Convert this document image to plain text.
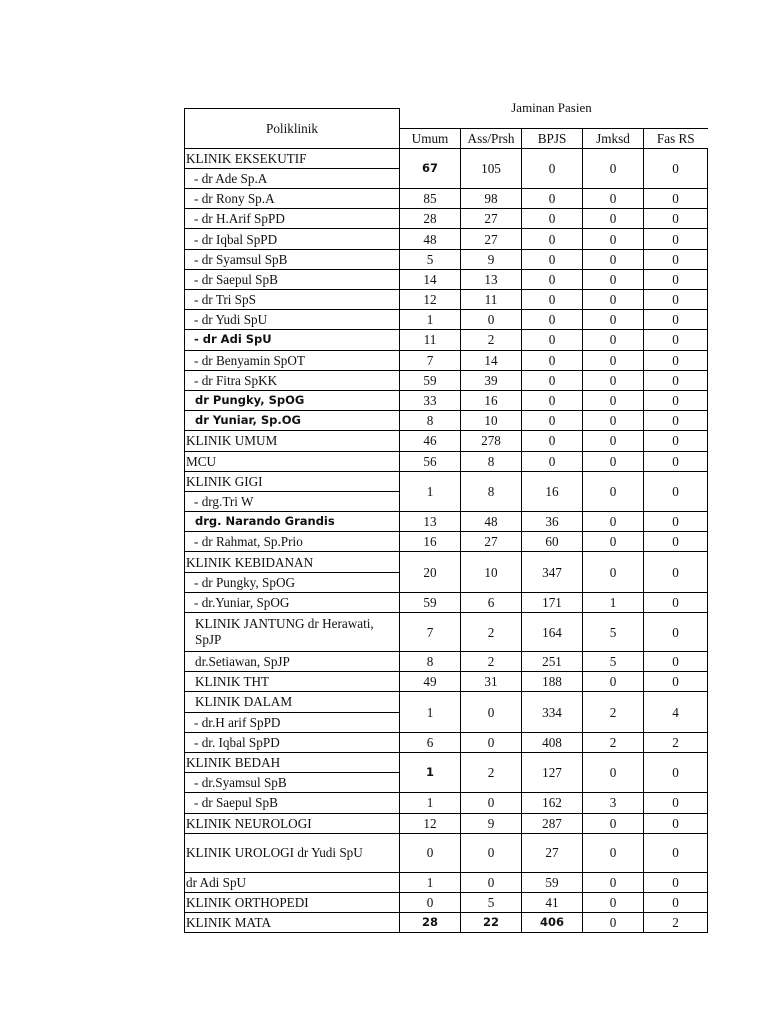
Jaminan Pasien
Poliklinik					
	Umum	Ass/Prsh	BPJS	Jmksd	Fas RS
KLINIK EKSEKUTIF	67	105	0	0	0
- dr Ade Sp.A					
- dr Rony Sp.A	85	98	0	0	0
- dr H.Arif SpPD	28	27	0	0	0
- dr Iqbal SpPD	48	27	0	0	0
- dr Syamsul SpB	5	9	0	0	0
- dr Saepul SpB	14	13	0	0	0
- dr Tri SpS	12	11	0	0	0
- dr Yudi SpU	1	0	0	0	0
- dr Adi SpU	11	2	0	0	0
- dr Benyamin SpOT	7	14	0	0	0
- dr Fitra SpKK	59	39	0	0	0
dr Pungky, SpOG	33	16	0	0	0
dr Yuniar, Sp.OG	8	10	0	0	0
KLINIK UMUM	46	278	0	0	0
MCU	56	8	0	0	0
KLINIK GIGI	1	8	16	0	0
- drg.Tri W					
drg. Narando Grandis	13	48	36	0	0
- dr Rahmat, Sp.Prio	16	27	60	0	0
KLINIK KEBIDANAN	20	10	347	0	0
- dr Pungky, SpOG					
- dr.Yuniar, SpOG	59	6	171	1	0
KLINIK JANTUNG dr Herawati, SpJP	7	2	164	5	0
dr.Setiawan, SpJP	8	2	251	5	0
KLINIK THT	49	31	188	0	0
KLINIK DALAM	1	0	334	2	4
- dr.H arif SpPD					
- dr. Iqbal SpPD	6	0	408	2	2
KLINIK BEDAH	1	2	127	0	0
- dr.Syamsul SpB					
- dr Saepul SpB	1	0	162	3	0
KLINIK NEUROLOGI	12	9	287	0	0
KLINIK UROLOGI dr Yudi SpU	0	0	27	0	0
dr Adi SpU	1	0	59	0	0
KLINIK ORTHOPEDI	0	5	41	0	0
KLINIK MATA	28	22	406	0	2
